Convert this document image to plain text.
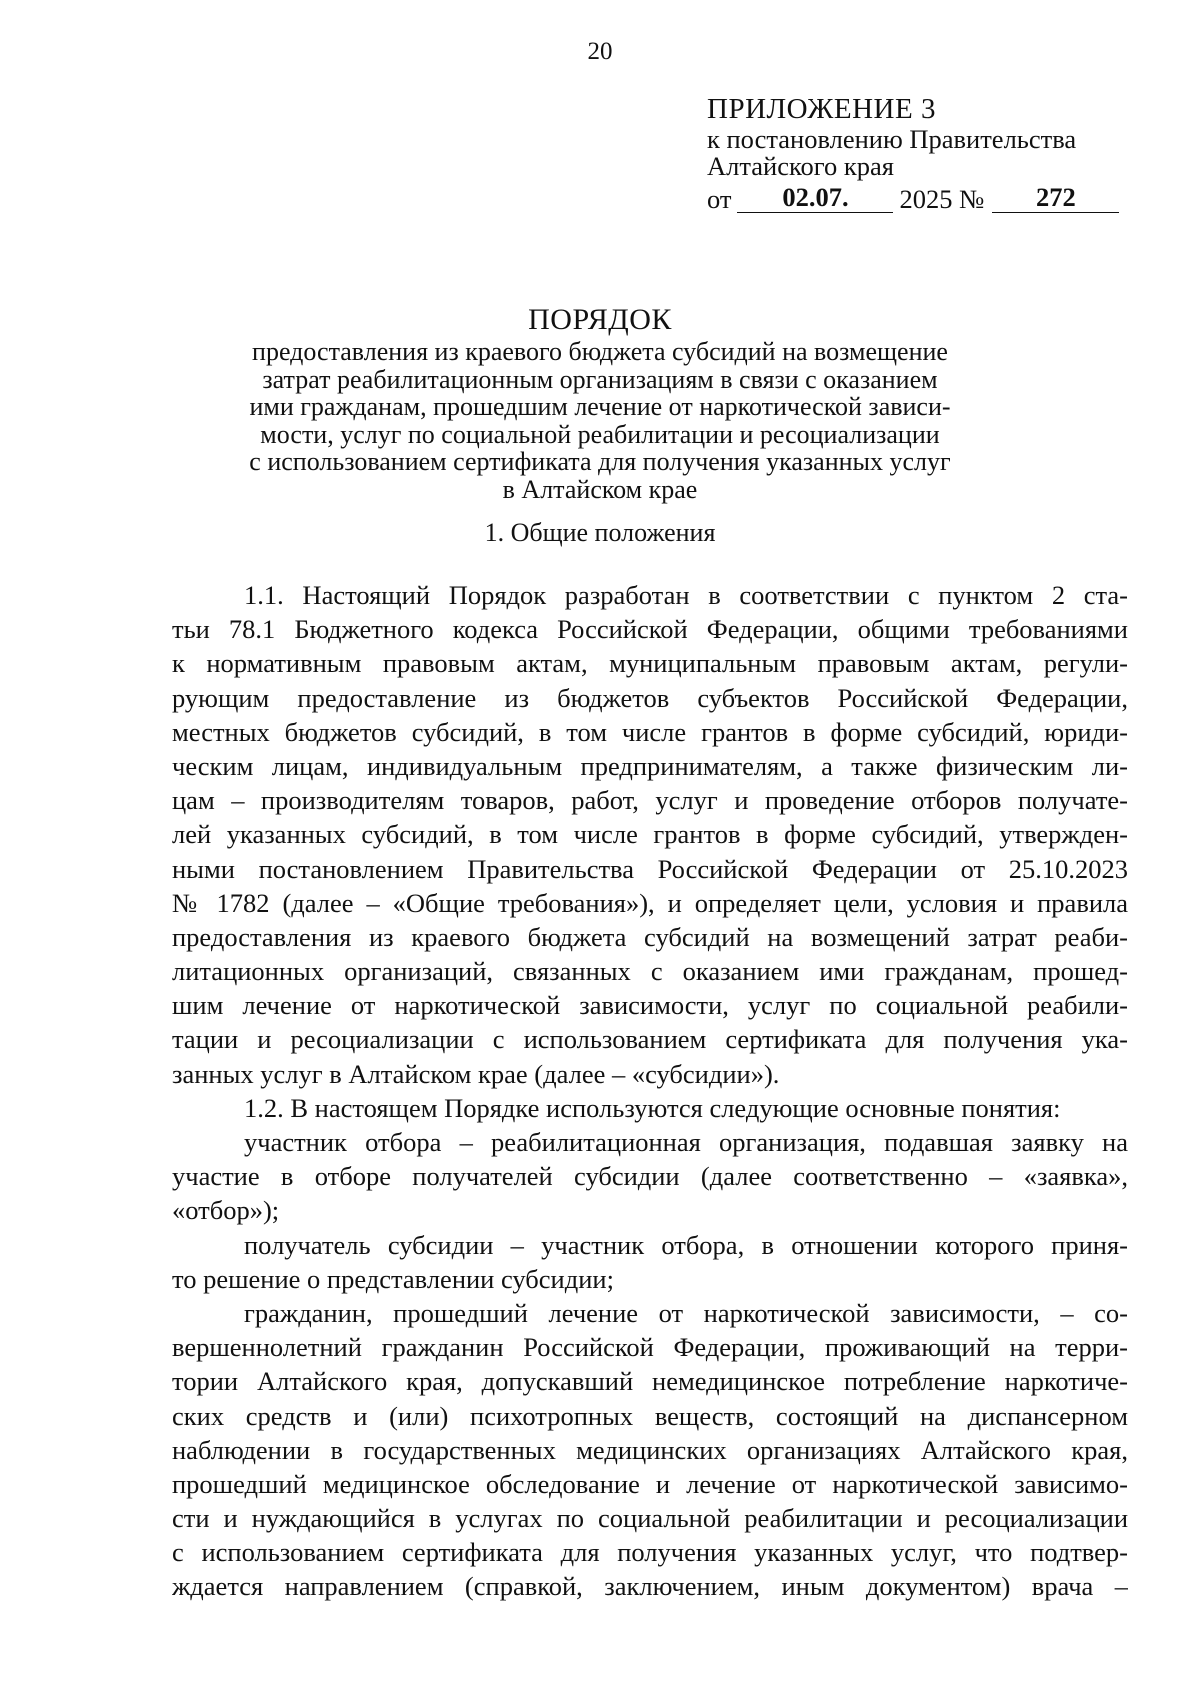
20
ПРИЛОЖЕНИЕ 3
к постановлению Правительства
Алтайского края
от	02.07.	2025 №	272
ПОРЯДОК
предоставления из краевого бюджета субсидий на возмещение
затрат реабилитационным организациям в связи с оказанием
ими гражданам, прошедшим лечение от наркотической зависи-
мости, услуг по социальной реабилитации и ресоциализации
с использованием сертификата для получения указанных услуг
в Алтайском крае
1. Общие положения
1.1. Настоящий Порядок разработан в соответствии с пунктом 2 ста-
тьи 78.1 Бюджетного кодекса Российской Федерации, общими требованиями
к нормативным правовым актам, муниципальным правовым актам, регули-
рующим предоставление из бюджетов субъектов Российской Федерации,
местных бюджетов субсидий, в том числе грантов в форме субсидий, юриди-
ческим лицам, индивидуальным предпринимателям, а также физическим ли-
цам – производителям товаров, работ, услуг и проведение отборов получате-
лей указанных субсидий, в том числе грантов в форме субсидий, утвержден-
ными постановлением Правительства Российской Федерации от 25.10.2023
№ 1782 (далее – «Общие требования»), и определяет цели, условия и правила
предоставления из краевого бюджета субсидий на возмещений затрат реаби-
литационных организаций, связанных с оказанием ими гражданам, прошед-
шим лечение от наркотической зависимости, услуг по социальной реабили-
тации и ресоциализации с использованием сертификата для получения ука-
занных услуг в Алтайском крае (далее – «субсидии»).
1.2. В настоящем Порядке используются следующие основные понятия:
участник отбора – реабилитационная организация, подавшая заявку на
участие в отборе получателей субсидии (далее соответственно – «заявка»,
«отбор»);
получатель субсидии – участник отбора, в отношении которого приня-
то решение о представлении субсидии;
гражданин, прошедший лечение от наркотической зависимости, – со-
вершеннолетний гражданин Российской Федерации, проживающий на терри-
тории Алтайского края, допускавший немедицинское потребление наркотиче-
ских средств и (или) психотропных веществ, состоящий на диспансерном
наблюдении в государственных медицинских организациях Алтайского края,
прошедший медицинское обследование и лечение от наркотической зависимо-
сти и нуждающийся в услугах по социальной реабилитации и ресоциализации
с использованием сертификата для получения указанных услуг, что подтвер-
ждается направлением (справкой, заключением, иным документом) врача –
